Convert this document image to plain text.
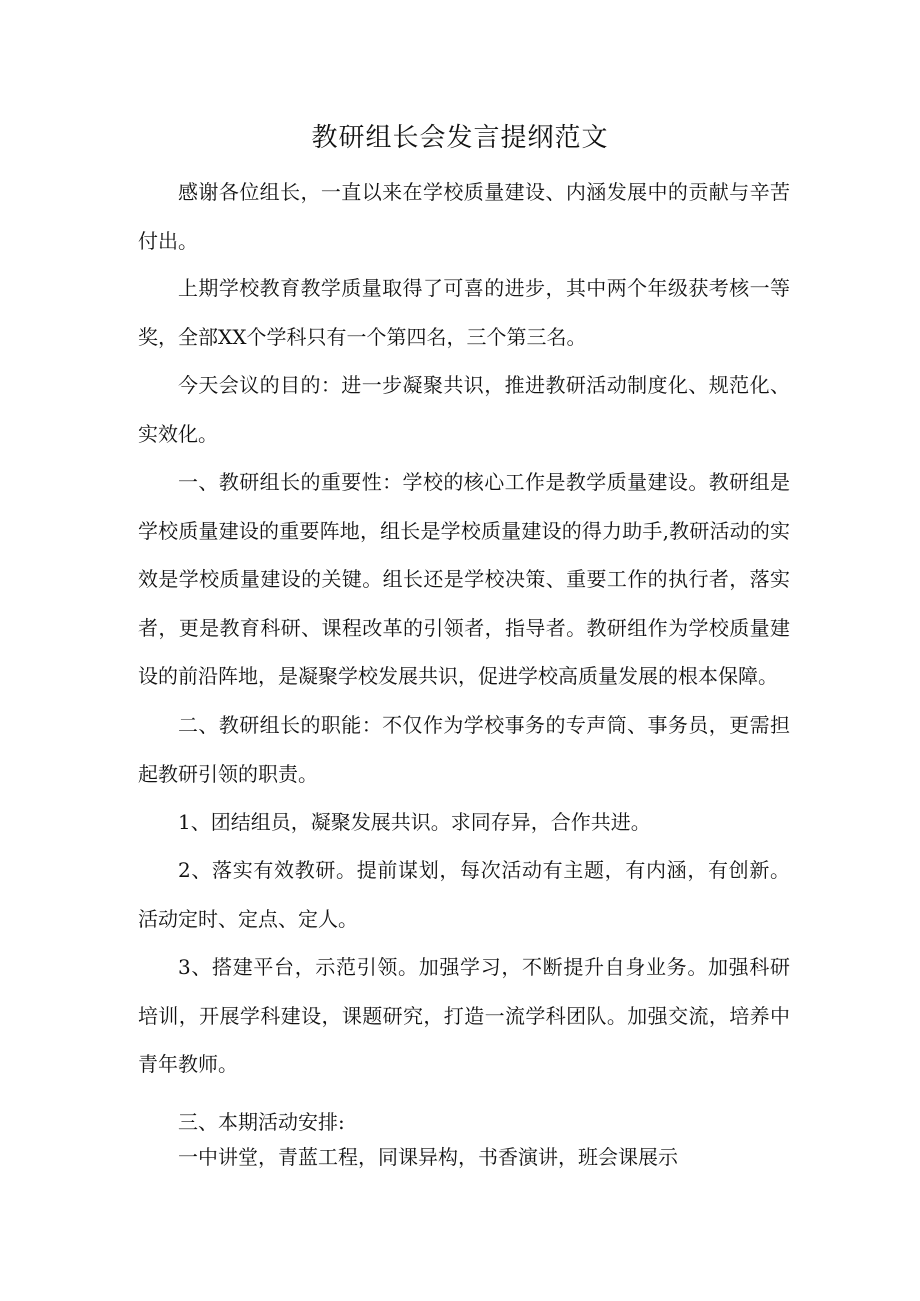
教研组长会发言提纲范文

感谢各位组长，一直以来在学校质量建设、内涵发展中的贡献与辛苦付出。

上期学校教育教学质量取得了可喜的进步，其中两个年级获考核一等奖，全部XX个学科只有一个第四名，三个第三名。

今天会议的目的：进一步凝聚共识，推进教研活动制度化、规范化、实效化。

一、教研组长的重要性：学校的核心工作是教学质量建设。教研组是学校质量建设的重要阵地，组长是学校质量建设的得力助手,教研活动的实效是学校质量建设的关键。组长还是学校决策、重要工作的执行者，落实者，更是教育科研、课程改革的引领者，指导者。教研组作为学校质量建设的前沿阵地，是凝聚学校发展共识，促进学校高质量发展的根本保障。

二、教研组长的职能：不仅作为学校事务的专声筒、事务员，更需担起教研引领的职责。

1、团结组员，凝聚发展共识。求同存异，合作共进。

2、落实有效教研。提前谋划，每次活动有主题，有内涵，有创新。活动定时、定点、定人。

3、搭建平台，示范引领。加强学习，不断提升自身业务。加强科研培训，开展学科建设，课题研究，打造一流学科团队。加强交流，培养中青年教师。

三、本期活动安排:

一中讲堂，青蓝工程，同课异构，书香演讲，班会课展示
